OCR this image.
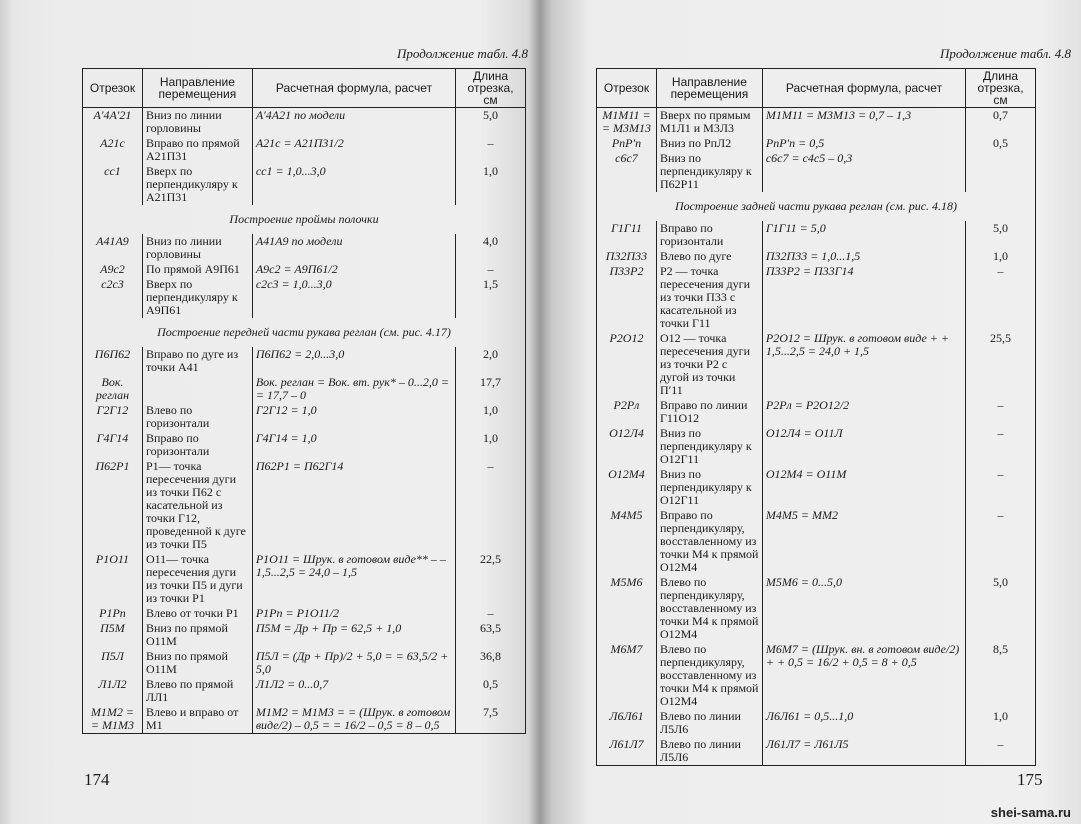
Продолжение табл. 4.8
Отрезок	Направление перемещения	Расчетная формула, расчет	Длина отрезка, см
A′4A′21	Вниз по линии горловины	A′4A21 по модели	5,0
A21c	Вправо по прямой A21П31	A21c = A21П31/2	–
cc1	Вверх по перпендикуляру к A21П31	cc1 = 1,0...3,0	1,0
Построение проймы полочки			
A41A9	Вниз по линии горловины	A41A9 по модели	4,0
A9c2	По прямой A9П61	A9c2 = A9П61/2	–
c2c3	Вверх по перпендикуляру к A9П61	c2c3 = 1,0...3,0	1,5
Построение передней части рукава реглан (см. рис. 4.17)			
П6П62	Вправо по дуге из точки A41	П6П62 = 2,0...3,0	2,0
Bок. реглан		Bок. реглан = Bок. вт. рук* – 0...2,0 = = 17,7 – 0	17,7
Г2Г12	Влево по горизонтали	Г2Г12 = 1,0	1,0
Г4Г14	Вправо по горизонтали	Г4Г14 = 1,0	1,0
П62P1	P1— точка пересечения дуги из точки П62 с касательной из точки Г12, проведенной к дуге из точки П5	П62P1 = П62Г14	–
P1O11	O11— точка пересечения дуги из точки П5 и дуги из точки P1	P1O11 = Шрук. в готовом виде** – – 1,5...2,5 = 24,0 – 1,5	22,5
P1Pп	Влево от точки P1	P1Pп = P1O11/2	–
П5M	Вниз по прямой O11M	П5M = Др + Пр = 62,5 + 1,0	63,5
П5Л	Вниз по прямой O11M	П5Л = (Др + Пр)/2 + 5,0 = = 63,5/2 + 5,0	36,8
Л1Л2	Влево по прямой ЛЛ1	Л1Л2 = 0...0,7	0,5
M1M2 = = M1M3	Влево и вправо от M1	M1M2 = M1M3 = = (Шрук. в готовом виде/2) – 0,5 = = 16/2 – 0,5 = 8 – 0,5	7,5
174
Продолжение табл. 4.8
Отрезок	Направление перемещения	Расчетная формула, расчет	Длина отрезка, см
M1M11 = = M3M13	Вверх по прямым M1Л1 и M3Л3	M1M11 = M3M13 = 0,7 – 1,3	0,7
PпP′п	Вниз по PпЛ2	PпP′п = 0,5	0,5
c6c7	Вниз по перпендикуляру к П62P11	c6c7 = c4c5 – 0,3	
Построение задней части рукава реглан (см. рис. 4.18)			
Г1Г11	Вправо по горизонтали	Г1Г11 = 5,0	5,0
П32П33	Влево по дуге	П32П33 = 1,0...1,5	1,0
П33P2	P2 — точка пересечения дуги из точки П33 с касательной из точки Г11	П33P2 = П33Г14	–
P2O12	O12 — точка пересечения дуги из точки P2 с дугой из точки П′11	P2O12 = Шрук. в готовом виде + + 1,5...2,5 = 24,0 + 1,5	25,5
P2Pл	Вправо по линии Г11O12	P2Pл = P2O12/2	–
O12Л4	Вниз по перпендикуляру к O12Г11	O12Л4 = O11Л	–
O12M4	Вниз по перпендикуляру к O12Г11	O12M4 = O11M	–
M4M5	Вправо по перпендикуляру, восставленному из точки M4 к прямой O12M4	M4M5 = MM2	–
M5M6	Влево по перпендикуляру, восставленному из точки M4 к прямой O12M4	M5M6 = 0...5,0	5,0
M6M7	Влево по перпендикуляру, восставленному из точки M4 к прямой O12M4	M6M7 = (Шрук. вн. в готовом виде/2) + + 0,5 = 16/2 + 0,5 = 8 + 0,5	8,5
Л6Л61	Влево по линии Л5Л6	Л6Л61 = 0,5...1,0	1,0
Л61Л7	Влево по линии Л5Л6	Л61Л7 = Л61Л5	–
175
shei-sama.ru
